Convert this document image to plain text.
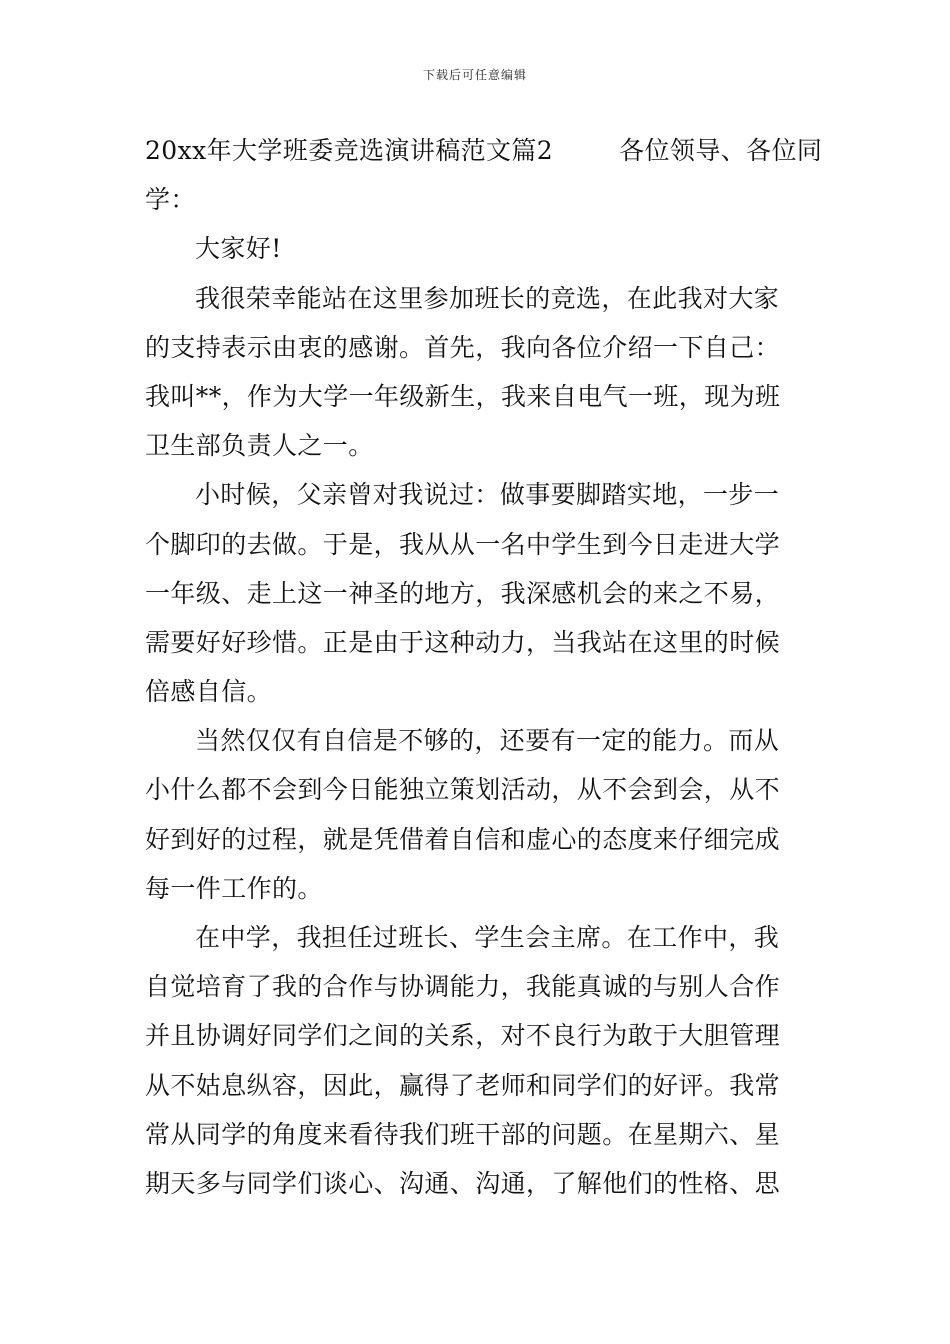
下载后可任意编辑
20xx年大学班委竞选演讲稿范文篇2	各位领导、各位同
学：
大家好!
我很荣幸能站在这里参加班长的竞选，在此我对大家
的支持表示由衷的感谢。首先，我向各位介绍一下自己：
我叫**，作为大学一年级新生，我来自电气一班，现为班
卫生部负责人之一。
小时候，父亲曾对我说过：做事要脚踏实地，一步一
个脚印的去做。于是，我从从一名中学生到今日走进大学
一年级、走上这一神圣的地方，我深感机会的来之不易，
需要好好珍惜。正是由于这种动力，当我站在这里的时候
倍感自信。
当然仅仅有自信是不够的，还要有一定的能力。而从
小什么都不会到今日能独立策划活动，从不会到会，从不
好到好的过程，就是凭借着自信和虚心的态度来仔细完成
每一件工作的。
在中学，我担任过班长、学生会主席。在工作中，我
自觉培育了我的合作与协调能力，我能真诚的与别人合作
并且协调好同学们之间的关系，对不良行为敢于大胆管理
从不姑息纵容，因此，赢得了老师和同学们的好评。我常
常从同学的角度来看待我们班干部的问题。在星期六、星
期天多与同学们谈心、沟通、沟通，了解他们的性格、思
